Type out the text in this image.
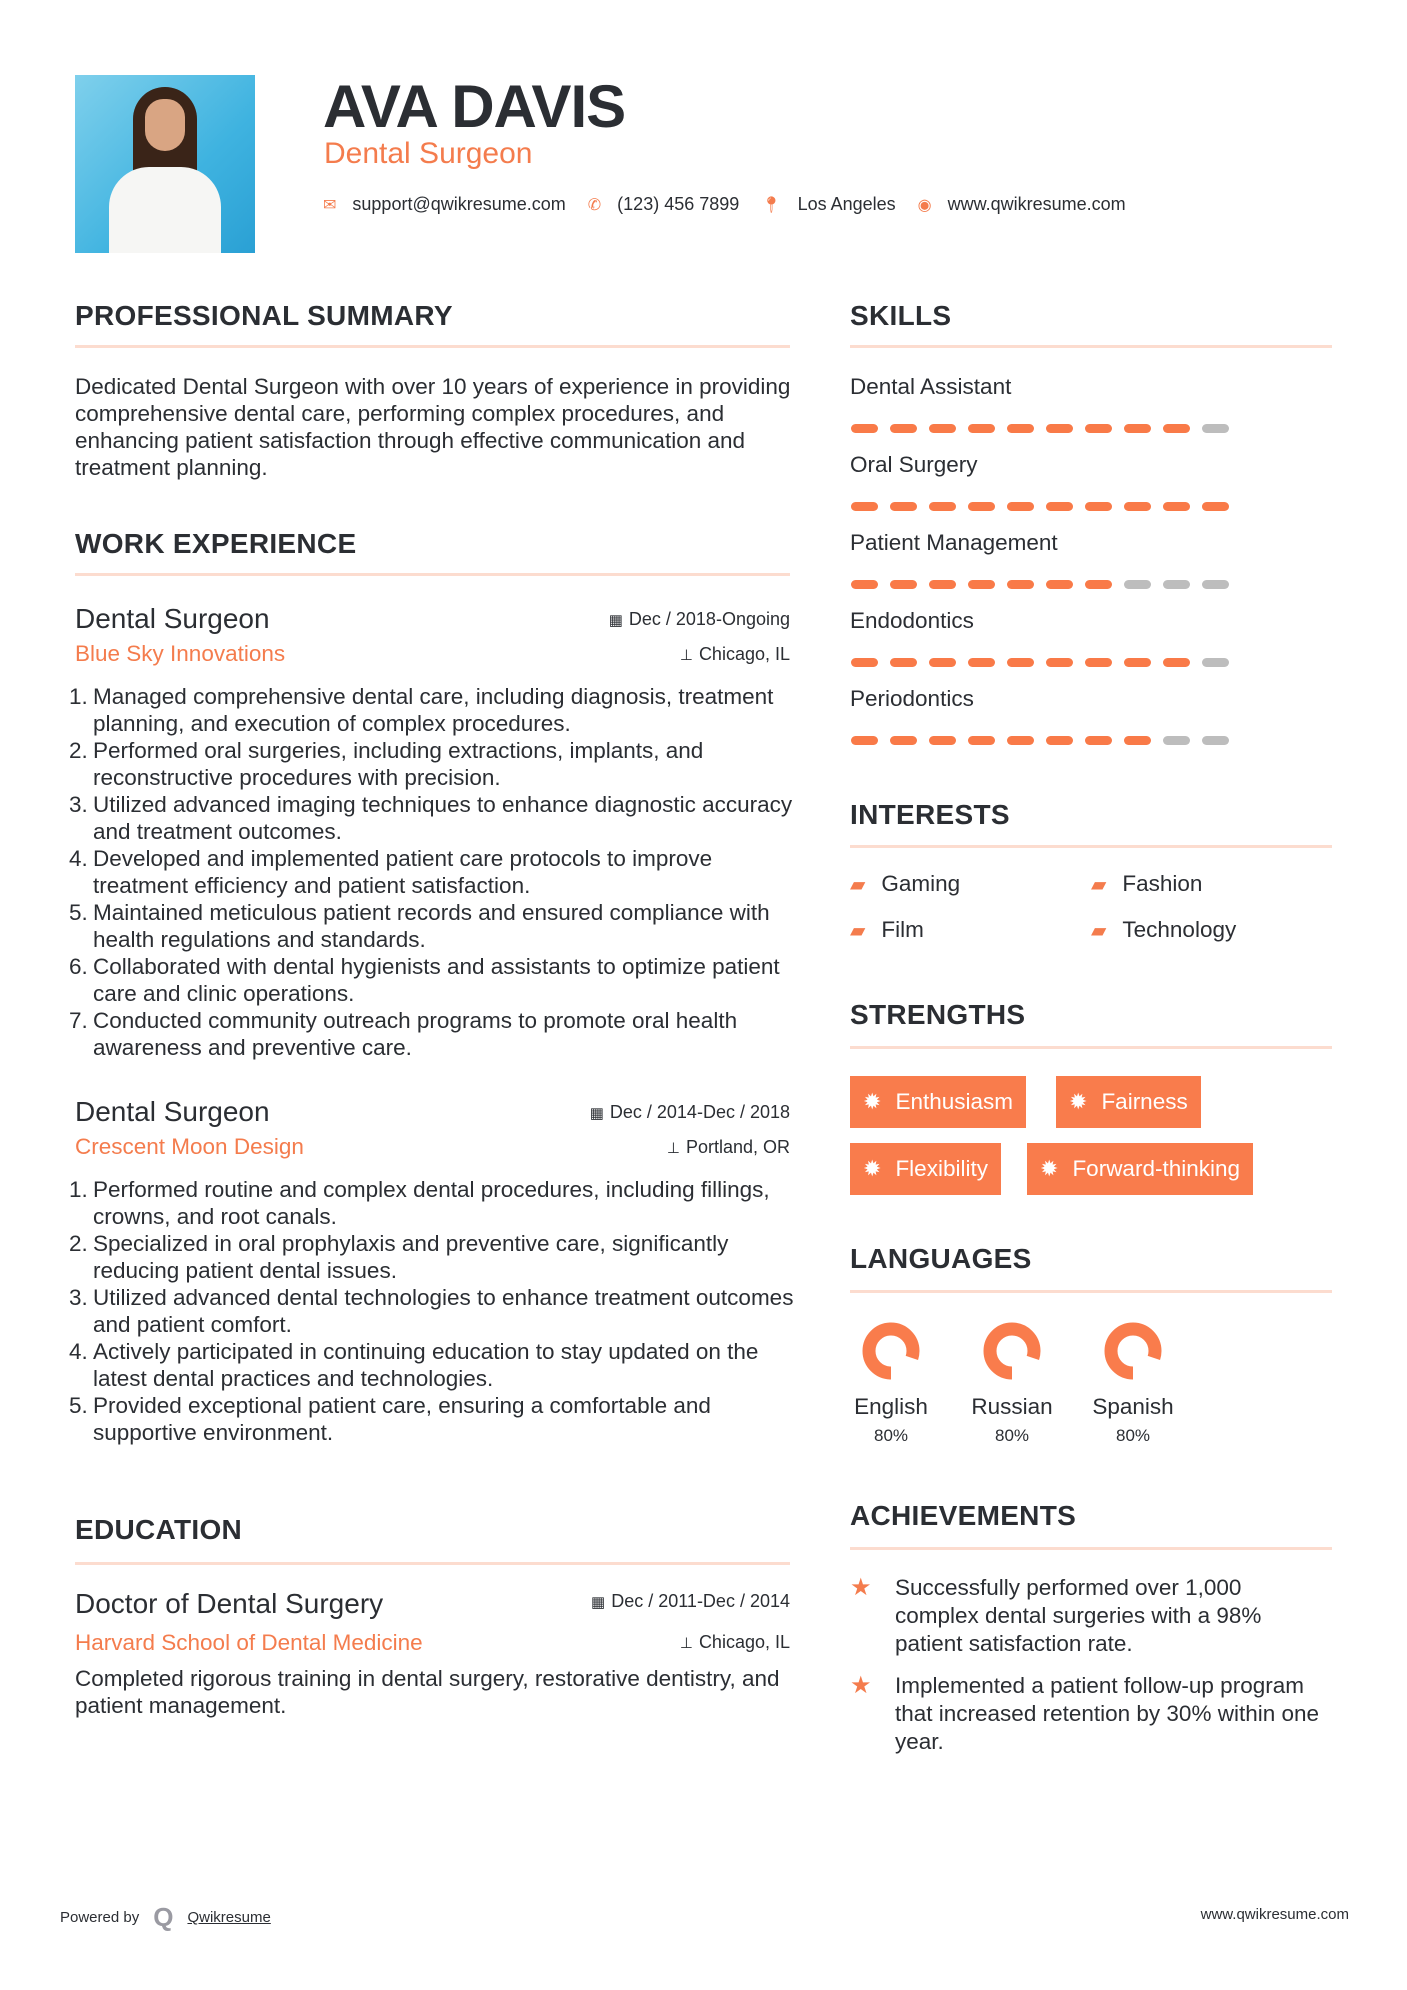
AVA DAVIS
Dental Surgeon
✉ support@qwikresume.com ✆ (123) 456 7899 📍︎ Los Angeles ◉ www.qwikresume.com
PROFESSIONAL SUMMARY
Dedicated Dental Surgeon with over 10 years of experience in providing comprehensive dental care, performing complex procedures, and enhancing patient satisfaction through effective communication and treatment planning.
WORK EXPERIENCE
Dental Surgeon
Blue Sky Innovations
▦ Dec / 2018-Ongoing
⊥ Chicago, IL
Managed comprehensive dental care, including diagnosis, treatment planning, and execution of complex procedures.
Performed oral surgeries, including extractions, implants, and reconstructive procedures with precision.
Utilized advanced imaging techniques to enhance diagnostic accuracy and treatment outcomes.
Developed and implemented patient care protocols to improve treatment efficiency and patient satisfaction.
Maintained meticulous patient records and ensured compliance with health regulations and standards.
Collaborated with dental hygienists and assistants to optimize patient care and clinic operations.
Conducted community outreach programs to promote oral health awareness and preventive care.
Dental Surgeon
Crescent Moon Design
▦ Dec / 2014-Dec / 2018
⊥ Portland, OR
Performed routine and complex dental procedures, including fillings, crowns, and root canals.
Specialized in oral prophylaxis and preventive care, significantly reducing patient dental issues.
Utilized advanced dental technologies to enhance treatment outcomes and patient comfort.
Actively participated in continuing education to stay updated on the latest dental practices and technologies.
Provided exceptional patient care, ensuring a comfortable and supportive environment.
EDUCATION
Doctor of Dental Surgery
Harvard School of Dental Medicine
▦ Dec / 2011-Dec / 2014
⊥ Chicago, IL
Completed rigorous training in dental surgery, restorative dentistry, and patient management.
SKILLS
Dental Assistant
Oral Surgery
Patient Management
Endodontics
Periodontics
INTERESTS
▰ Gaming	▰ Fashion
▰ Film	▰ Technology
STRENGTHS
✹ Enthusiasm	✹ Fairness
✹ Flexibility ✹ Forward-thinking
LANGUAGES
English
80%
Russian
80%
Spanish
80%
ACHIEVEMENTS
★	Successfully performed over 1,000 complex dental surgeries with a 98% patient satisfaction rate.
★	Implemented a patient follow-up program that increased retention by 30% within one year.
Powered by Q Qwikresume	www.qwikresume.com
